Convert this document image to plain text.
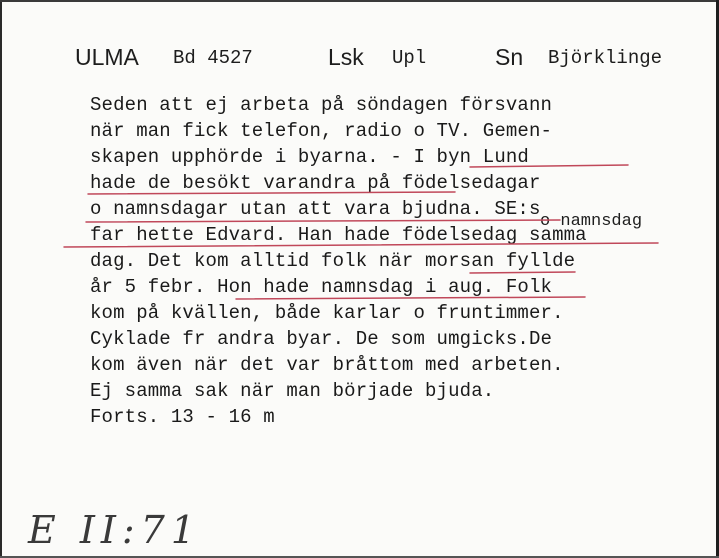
ULMA Bd 4527	Lsk Upl	Sn Björklinge
Seden att ej arbeta på söndagen försvann
när man fick telefon, radio o TV. Gemen-
skapen upphörde i byarna. - I byn Lund
hade de besökt varandra på födelsedagar
o namnsdagar utan att vara bjudna. SE:s
far hette Edvard. Han hade födelsedag samma
dag. Det kom alltid folk när morsan fyllde
år 5 febr. Hon hade namnsdag i aug. Folk
kom på kvällen, både karlar o fruntimmer.
Cyklade fr andra byar. De som umgicks.De
kom även när det var bråttom med arbeten.
Ej samma sak när man började bjuda.
Forts. 13 - 16 m
o namnsdag
E II:71
